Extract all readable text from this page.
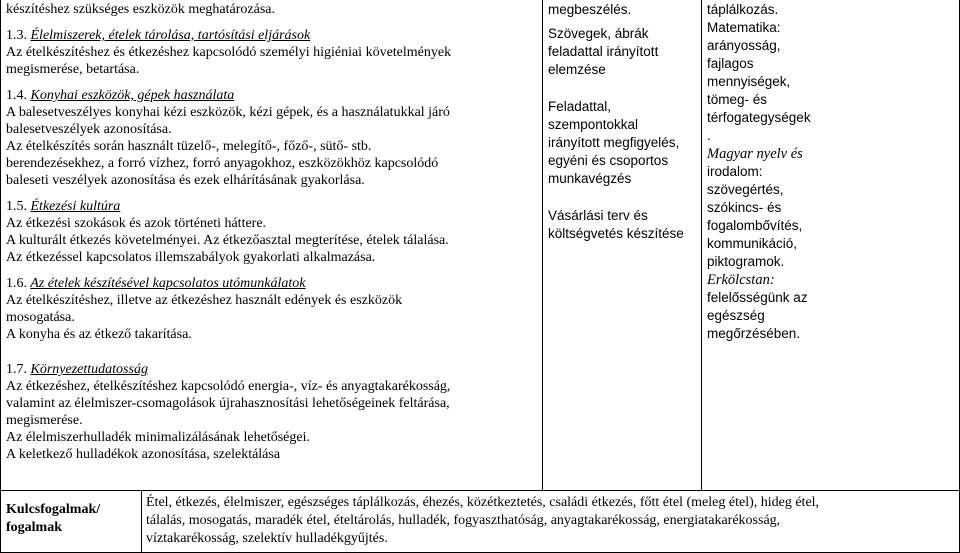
készítéshez szükséges eszközök meghatározása.

1.3. Élelmiszerek, ételek tárolása, tartósítási eljárások

Az ételkészítéshez és étkezéshez kapcsolódó személyi higiéniai követelmények

megismerése, betartása.

1.4. Konyhai eszközök, gépek használata

A balesetveszélyes konyhai kézi eszközök, kézi gépek, és a használatukkal járó

balesetveszélyek azonosítása.

Az ételkészítés során használt tüzelő-, melegítő-, főző-, sütő- stb.

berendezésekhez, a forró vízhez, forró anyagokhoz, eszközökhöz kapcsolódó

baleseti veszélyek azonosítása és ezek elhárításának gyakorlása.

1.5. Étkezési kultúra

Az étkezési szokások és azok történeti háttere.

A kulturált étkezés követelményei. Az étkezőasztal megterítése, ételek tálalása.

Az étkezéssel kapcsolatos illemszabályok gyakorlati alkalmazása.

1.6. Az ételek készítésével kapcsolatos utómunkálatok

Az ételkészítéshez, illetve az étkezéshez használt edények és eszközök

mosogatása.

A konyha és az étkező takarítása.

1.7. Környezettudatosság

Az étkezéshez, ételkészítéshez kapcsolódó energia-, víz- és anyagtakarékosság,

valamint az élelmiszer-csomagolások újrahasznosítási lehetőségeinek feltárása,

megismerése.

Az élelmiszerhulladék minimalizálásának lehetőségei.

A keletkező hulladékok azonosítása, szelektálása

megbeszélés.

Szövegek, ábrák

feladattal irányított

elemzése

Feladattal,

szempontokkal

irányított megfigyelés,

egyéni és csoportos

munkavégzés

Vásárlási terv és

költségvetés készítése

táplálkozás.

Matematika:

arányosság,

fajlagos

mennyiségek,

tömeg- és

térfogategységek

.

Magyar nyelv és

irodalom:

szövegértés,

szókincs- és

fogalombővítés,

kommunikáció,

piktogramok.

Erkölcstan:

felelősségünk az

egészség

megőrzésében.

Kulcsfogalmak/

fogalmak

Étel, étkezés, élelmiszer, egészséges táplálkozás, éhezés, közétkeztetés, családi étkezés, főtt étel (meleg étel), hideg étel,

tálalás, mosogatás, maradék étel, ételtárolás, hulladék, fogyaszthatóság, anyagtakarékosság, energiatakarékosság,

víztakarékosság, szelektív hulladékgyűjtés.
